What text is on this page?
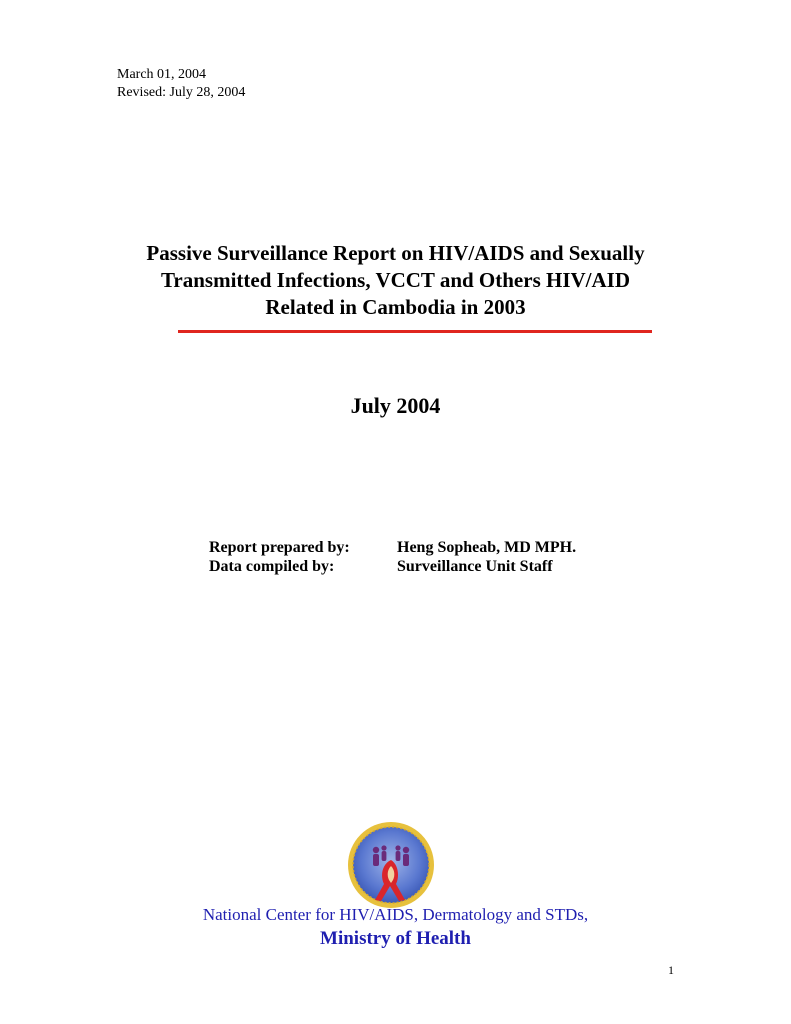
March 01, 2004
Revised: July 28, 2004
Passive Surveillance Report on HIV/AIDS and Sexually
Transmitted Infections, VCCT and Others HIV/AID
Related in Cambodia in 2003
July 2004
Report prepared by:	Heng Sopheab, MD MPH.
Data compiled by:	Surveillance Unit Staff
National Center for HIV/AIDS, Dermatology and STDs,
Ministry of Health
1
